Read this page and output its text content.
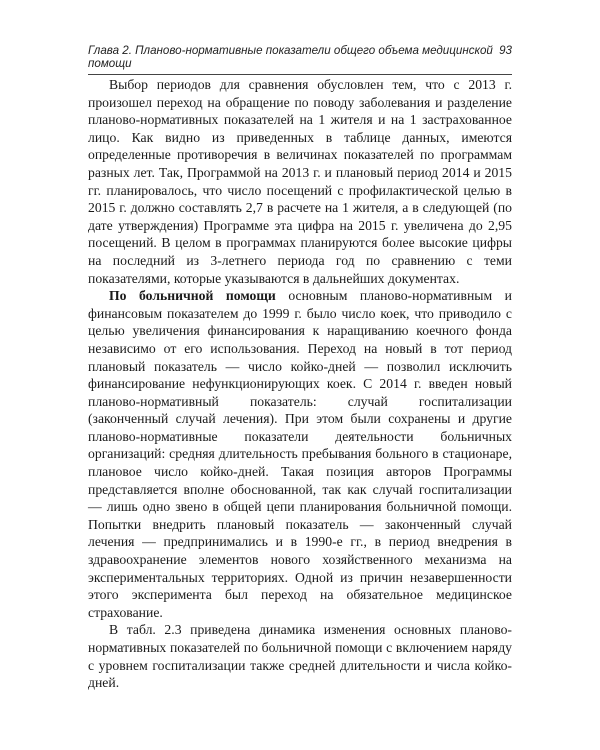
Глава 2. Планово-нормативные показатели общего объема медицинской помощи
93

Выбор периодов для сравнения обусловлен тем, что с 2013 г. произошел переход на обращение по поводу заболевания и разделение планово-нормативных показателей на 1 жителя и на 1 застрахованное лицо. Как видно из приведенных в таблице данных, имеются определенные противоречия в величинах показателей по программам разных лет. Так, Программой на 2013 г. и плановый период 2014 и 2015 гг. планировалось, что число посещений с профилактической целью в 2015 г. должно составлять 2,7 в расчете на 1 жителя, а в следующей (по дате утверждения) Программе эта цифра на 2015 г. увеличена до 2,95 посещений. В целом в программах планируются более высокие цифры на последний из 3-летнего периода год по сравнению с теми показателями, которые указываются в дальнейших документах.

По больничной помощи основным планово-нормативным и финансовым показателем до 1999 г. было число коек, что приводило с целью увеличения финансирования к наращиванию коечного фонда независимо от его использования. Переход на новый в тот период плановый показатель — число койко-дней — позволил исключить финансирование нефункционирующих коек. С 2014 г. введен новый планово-нормативный показатель: случай госпитализации (законченный случай лечения). При этом были сохранены и другие планово-нормативные показатели деятельности больничных организаций: средняя длительность пребывания больного в стационаре, плановое число койко-дней. Такая позиция авторов Программы представляется вполне обоснованной, так как случай госпитализации — лишь одно звено в общей цепи планирования больничной помощи. Попытки внедрить плановый показатель — законченный случай лечения — предпринимались и в 1990-е гг., в период внедрения в здравоохранение элементов нового хозяйственного механизма на экспериментальных территориях. Одной из причин незавершенности этого эксперимента был переход на обязательное медицинское страхование.

В табл. 2.3 приведена динамика изменения основных планово-нормативных показателей по больничной помощи с включением наряду с уровнем госпитализации также средней длительности и числа койко-дней.
